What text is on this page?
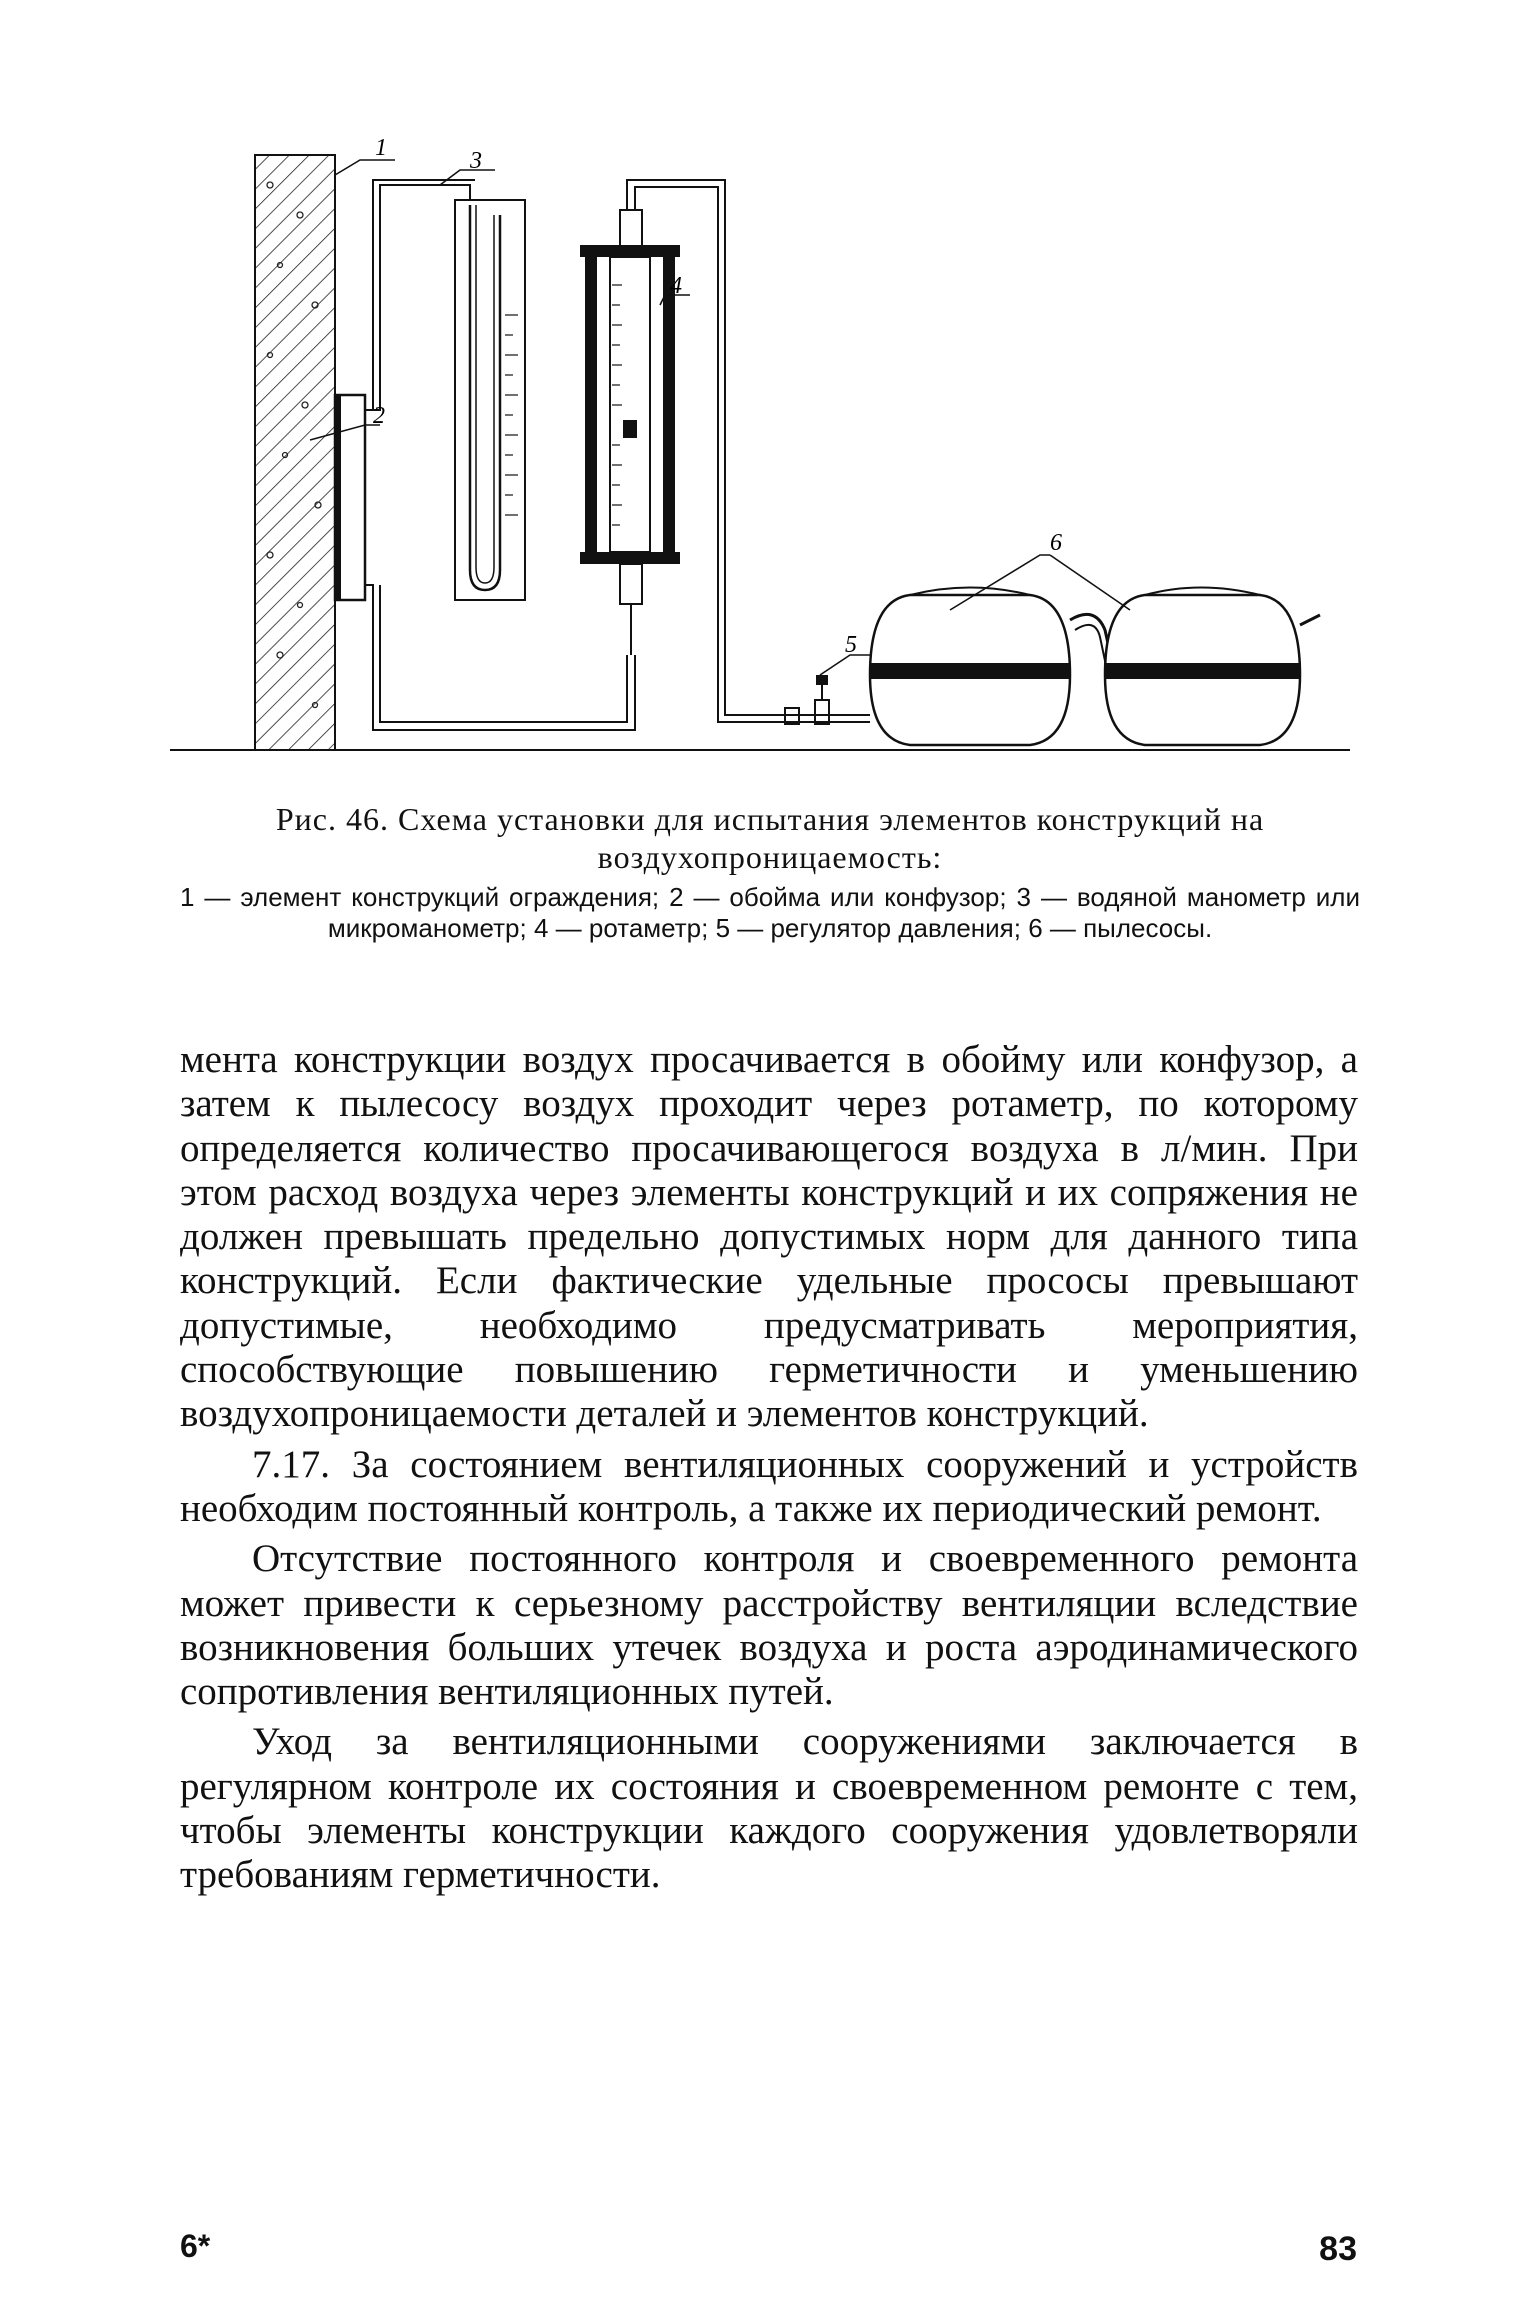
1
2
3
4
5
6
Рис. 46. Схема установки для испытания элементов конструкций на воздухопроницаемость:
1 — элемент конструкций ограждения; 2 — обойма или конфузор; 3 — водяной манометр или микроманометр; 4 — ротаметр; 5 — регулятор давления; 6 — пылесосы.

мента конструкции воздух просачивается в обойму или конфузор, а затем к пылесосу воздух проходит через ротаметр, по которому определяется количество просачивающегося воздуха в л/мин. При этом расход воздуха через элементы конструкций и их сопряжения не должен превышать предельно допустимых норм для данного типа конструкций. Если фактические удельные прососы превышают допустимые, необходимо предусматривать мероприятия, способствующие повышению герметичности и уменьшению воздухопроницаемости деталей и элементов конструкций.

7.17. За состоянием вентиляционных сооружений и устройств необходим постоянный контроль, а также их периодический ремонт.

Отсутствие постоянного контроля и своевременного ремонта может привести к серьезному расстройству вентиляции вследствие возникновения больших утечек воздуха и роста аэродинамического сопротивления вентиляционных путей.

Уход за вентиляционными сооружениями заключается в регулярном контроле их состояния и своевременном ремонте с тем, чтобы элементы конструкции каждого сооружения удовлетворяли требованиям герметичности.

6*	83
